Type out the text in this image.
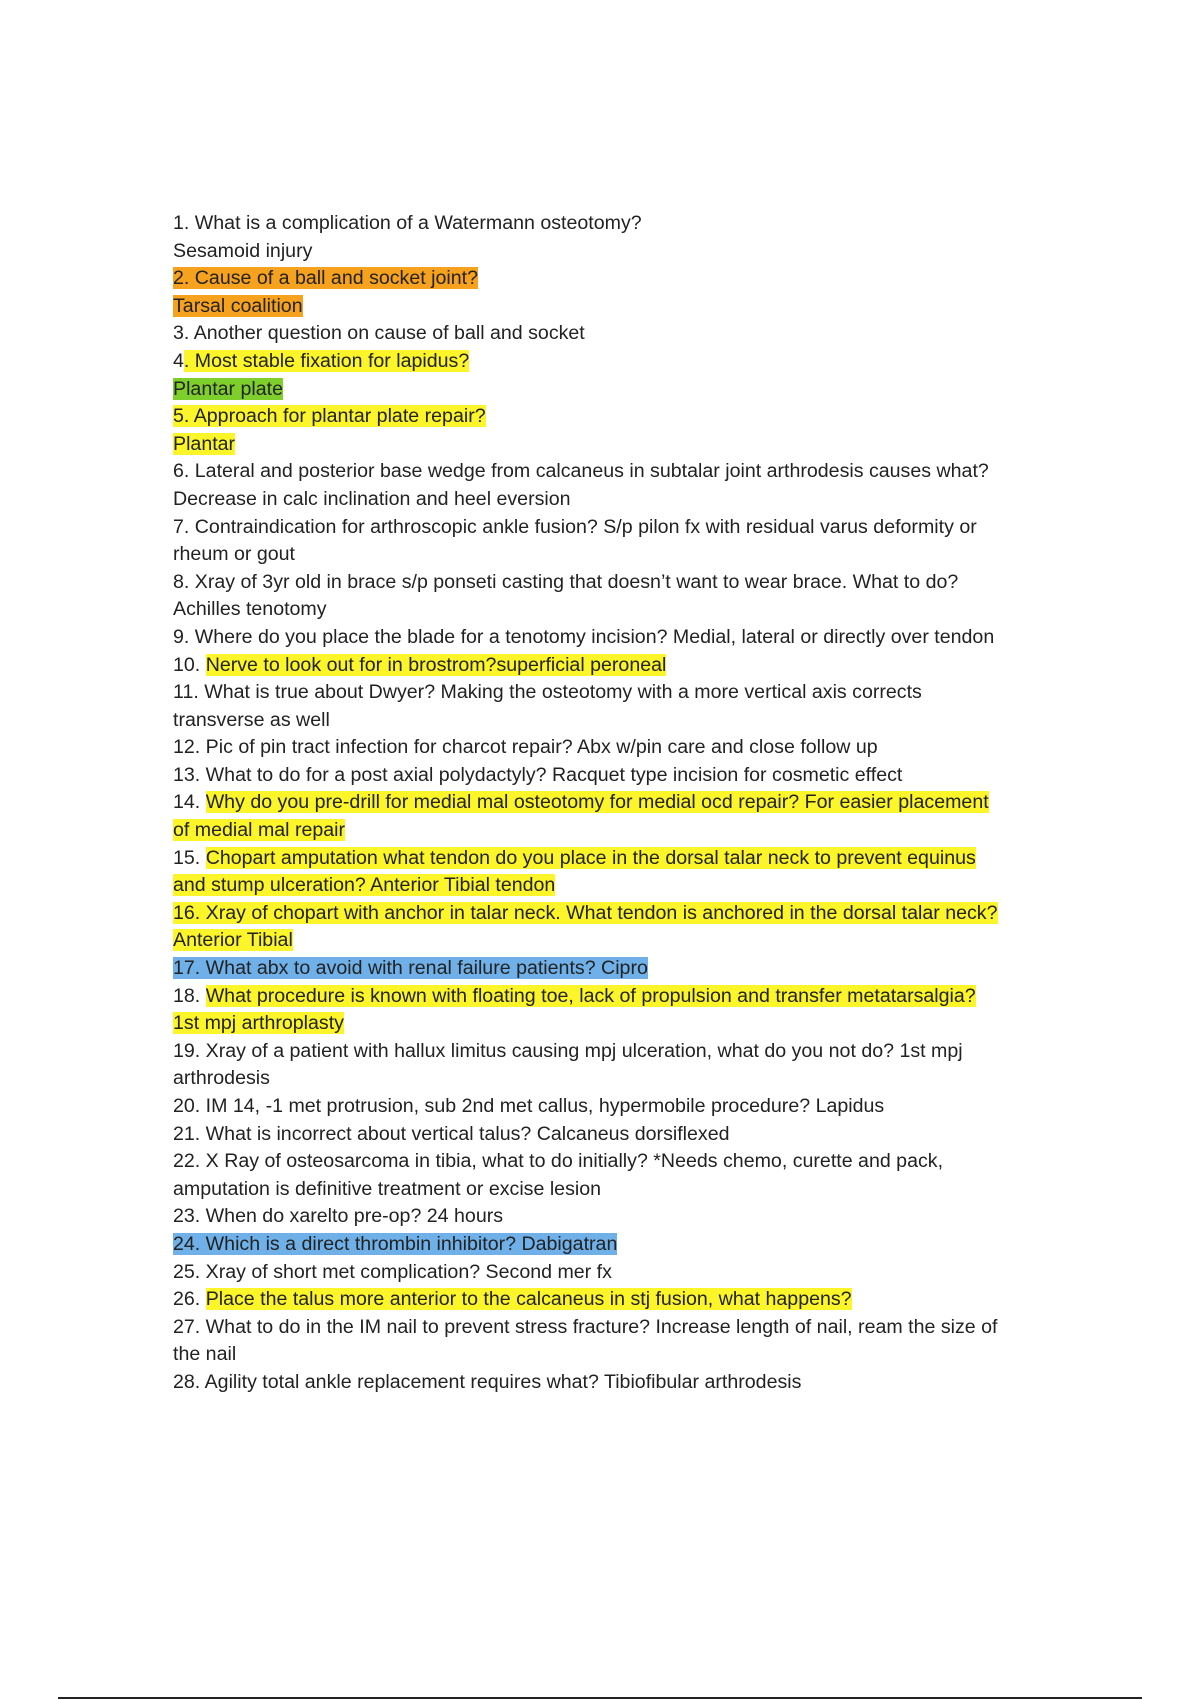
1. What is a complication of a Watermann osteotomy?
Sesamoid injury
2. Cause of a ball and socket joint?
Tarsal coalition
3. Another question on cause of ball and socket
4. Most stable fixation for lapidus?
Plantar plate
5. Approach for plantar plate repair?
Plantar
6. Lateral and posterior base wedge from calcaneus in subtalar joint arthrodesis causes what?
Decrease in calc inclination and heel eversion
7. Contraindication for arthroscopic ankle fusion? S/p pilon fx with residual varus deformity or
rheum or gout
8. Xray of 3yr old in brace s/p ponseti casting that doesn’t want to wear brace. What to do?
Achilles tenotomy
9. Where do you place the blade for a tenotomy incision? Medial, lateral or directly over tendon
10. Nerve to look out for in brostrom?superficial peroneal
11. What is true about Dwyer? Making the osteotomy with a more vertical axis corrects
transverse as well
12. Pic of pin tract infection for charcot repair? Abx w/pin care and close follow up
13. What to do for a post axial polydactyly? Racquet type incision for cosmetic effect
14. Why do you pre-drill for medial mal osteotomy for medial ocd repair? For easier placement
of medial mal repair
15. Chopart amputation what tendon do you place in the dorsal talar neck to prevent equinus
and stump ulceration? Anterior Tibial tendon
16. Xray of chopart with anchor in talar neck. What tendon is anchored in the dorsal talar neck?
Anterior Tibial
17. What abx to avoid with renal failure patients? Cipro
18. What procedure is known with floating toe, lack of propulsion and transfer metatarsalgia?
1st mpj arthroplasty
19. Xray of a patient with hallux limitus causing mpj ulceration, what do you not do? 1st mpj
arthrodesis
20. IM 14, -1 met protrusion, sub 2nd met callus, hypermobile procedure? Lapidus
21. What is incorrect about vertical talus? Calcaneus dorsiflexed
22. X Ray of osteosarcoma in tibia, what to do initially? *Needs chemo, curette and pack,
amputation is definitive treatment or excise lesion
23. When do xarelto pre-op? 24 hours
24. Which is a direct thrombin inhibitor? Dabigatran
25. Xray of short met complication? Second mer fx
26. Place the talus more anterior to the calcaneus in stj fusion, what happens?
27. What to do in the IM nail to prevent stress fracture? Increase length of nail, ream the size of
the nail
28. Agility total ankle replacement requires what? Tibiofibular arthrodesis
